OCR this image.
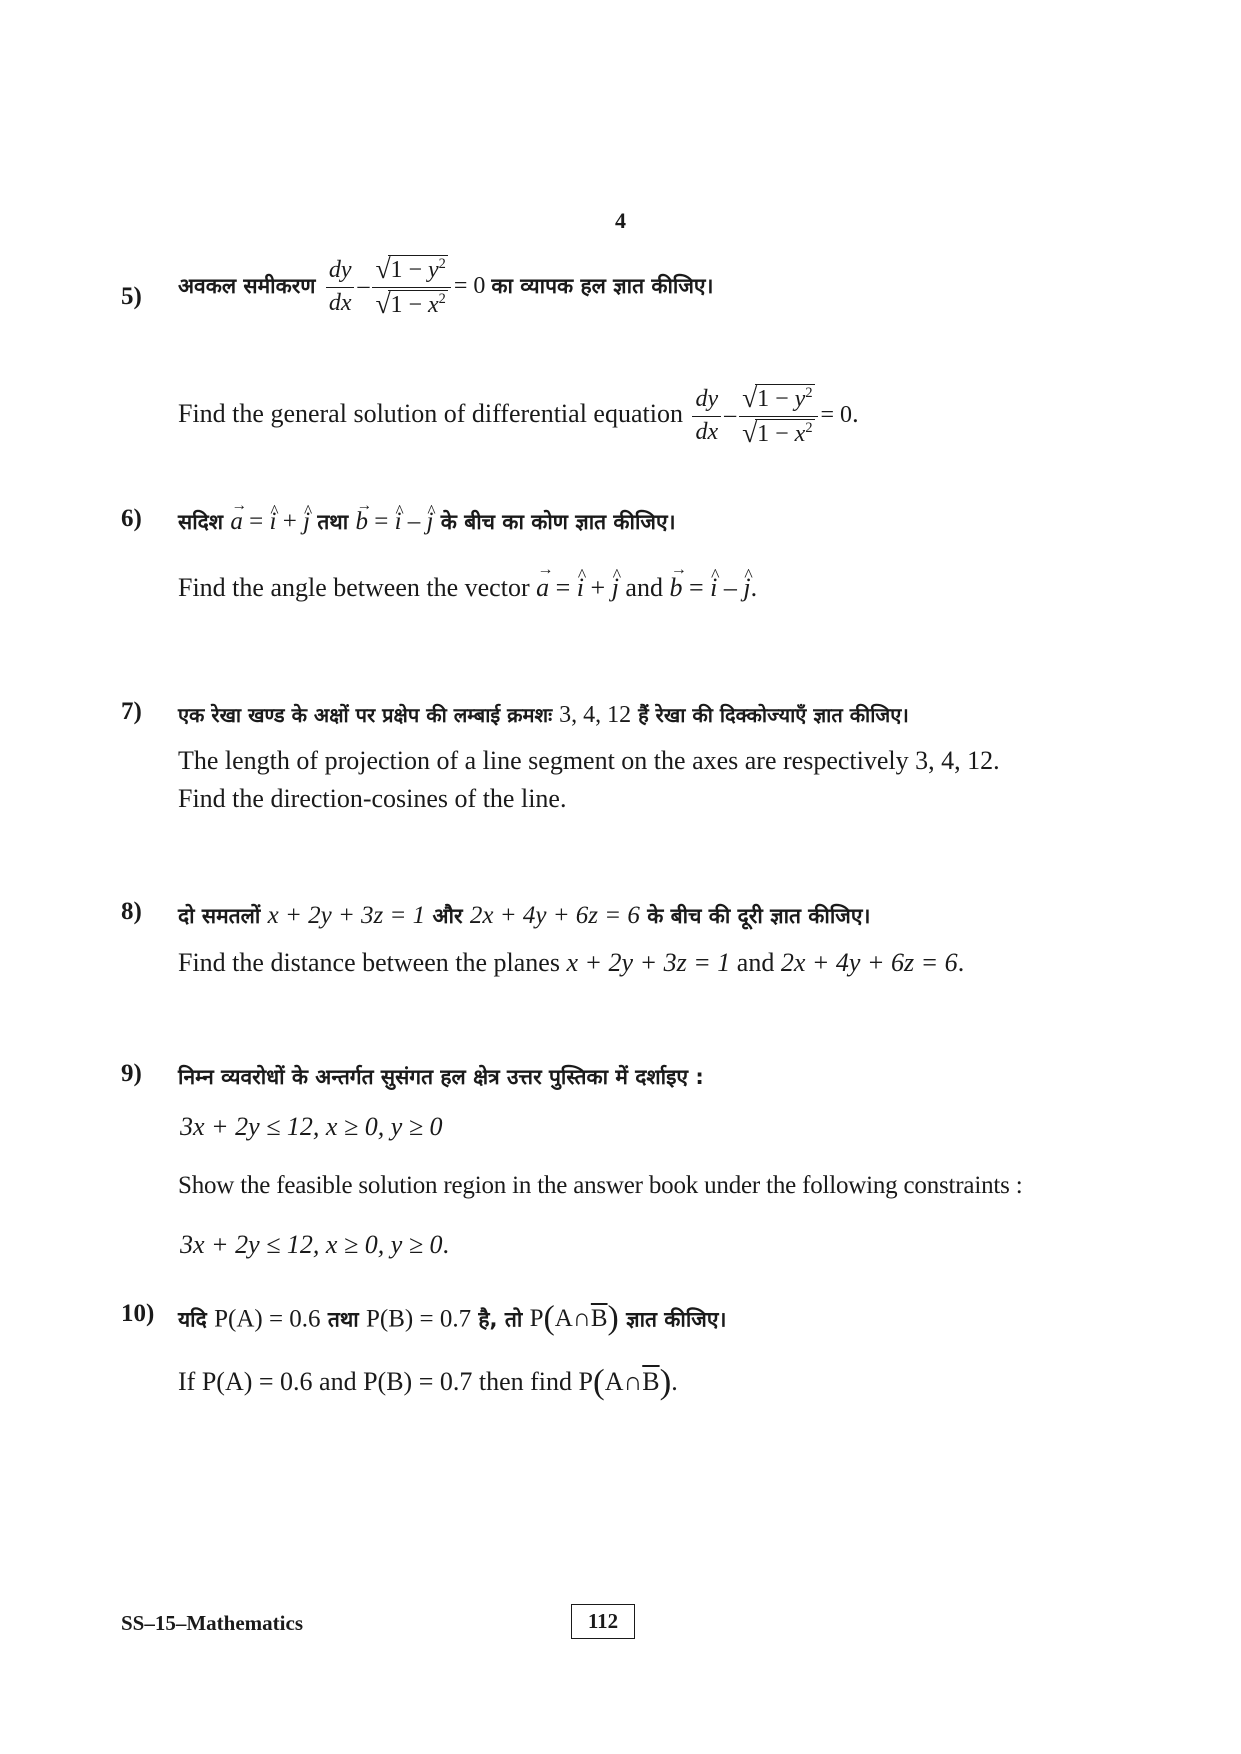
4
5) अवकल समीकरण $\frac{dy}{dx} - \frac{√ 1 - y^2}{√ 1 - x^2} = 0$ का व्यापक हल ज्ञात कीजिए।
Find the general solution of differential equation $\frac{dy}{dx} - \frac{√ 1 - y^2}{√ 1 - x^2} = 0$.
6) सदिश → a = ^ i + ^ j तथा → b = ^ i – ^ j के बीच का कोण ज्ञात कीजिए।
Find the angle between the vector → a = ^ i + ^ j and → b = ^ i – ^ j.
7) एक रेखा खण्ड के अक्षों पर प्रक्षेप की लम्बाई क्रमशः 3, 4, 12 हैं रेखा की दिक्कोज्याएँ ज्ञात कीजिए।
The length of projection of a line segment on the axes are respectively 3, 4, 12.
Find the direction-cosines of the line.
8) दो समतलों x + 2y + 3z = 1 और 2x + 4y + 6z = 6 के बीच की दूरी ज्ञात कीजिए।
Find the distance between the planes x + 2y + 3z = 1 and 2x + 4y + 6z = 6.
9) निम्न व्यवरोधों के अन्तर्गत सुसंगत हल क्षेत्र उत्तर पुस्तिका में दर्शाइए :
3x + 2y ≤ 12, x ≥ 0, y ≥ 0
Show the feasible solution region in the answer book under the following constraints :
3x + 2y ≤ 12, x ≥ 0, y ≥ 0.
10) यदि P(A) = 0.6 तथा P(B) = 0.7 है, तो $P(A\cap\overline{B})$ ज्ञात कीजिए।
If P(A) = 0.6 and P(B) = 0.7 then find $P(A\cap\overline{B})$.
SS–15–Mathematics	112
